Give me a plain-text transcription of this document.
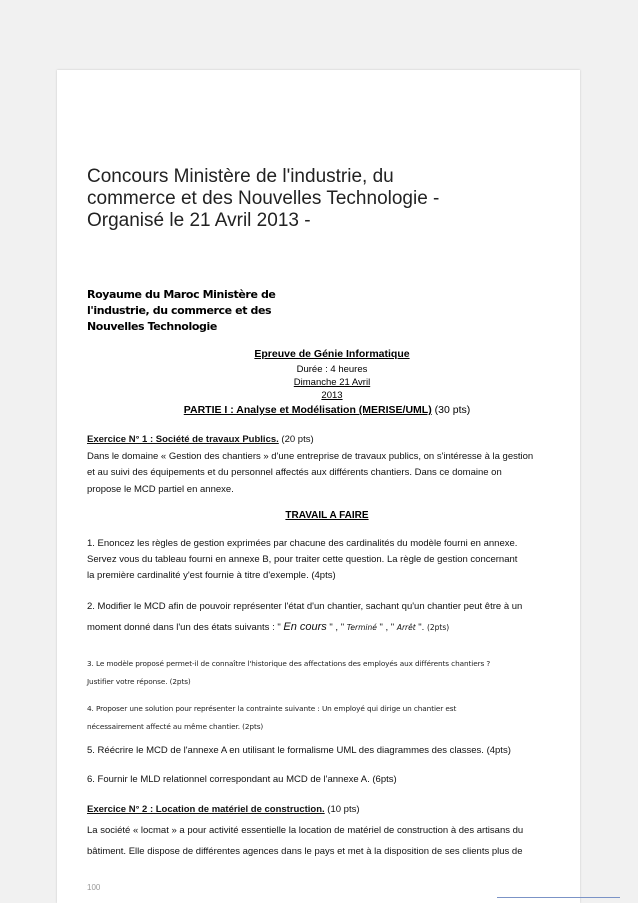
Concours Ministère de l'industrie, du commerce et des Nouvelles Technologie - Organisé le 21 Avril 2013 -
Royaume du Maroc Ministère de
l'industrie, du commerce et des
Nouvelles Technologie
Epreuve de Génie Informatique
Durée : 4 heures
Dimanche 21 Avril
2013
PARTIE I : Analyse et Modélisation (MERISE/UML) (30 pts)
Exercice N° 1 : Société de travaux Publics. (20 pts)
Dans le domaine « Gestion des chantiers » d'une entreprise de travaux publics, on s'intéresse à la gestion
et au suivi des équipements et du personnel affectés aux différents chantiers. Dans ce domaine on
propose le MCD partiel en annexe.
TRAVAIL A FAIRE
1. Enoncez les règles de gestion exprimées par chacune des cardinalités du modèle fourni en annexe.
Servez vous du tableau fourni en annexe B, pour traiter cette question. La règle de gestion concernant
la première cardinalité y'est fournie à titre d'exemple. (4pts)
2. Modifier le MCD afin de pouvoir représenter l'état d'un chantier, sachant qu'un chantier peut être à un
moment donné dans l'un des états suivants : " En cours " , " Terminé " , " Arrêt ". (2pts)
3. Le modèle proposé permet-il de connaître l'historique des affectations des employés aux différents chantiers ?
Justifier votre réponse. (2pts)
4. Proposer une solution pour représenter la contrainte suivante : Un employé qui dirige un chantier est
nécessairement affecté au même chantier. (2pts)
5. Réécrire le MCD de l'annexe A en utilisant le formalisme UML des diagrammes des classes. (4pts)
6. Fournir le MLD relationnel correspondant au MCD de l'annexe A. (6pts)
Exercice N° 2 : Location de matériel de construction. (10 pts)
La société « locmat » a pour activité essentielle la location de matériel de construction à des artisans du
bâtiment. Elle dispose de différentes agences dans le pays et met à la disposition de ses clients plus de
100
